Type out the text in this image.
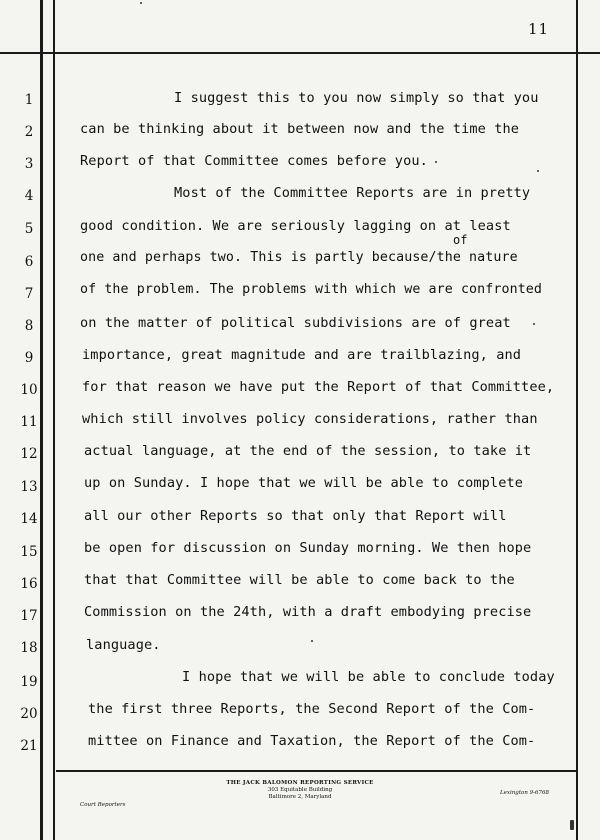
11
1
2
3
4
5
6
7
8
9
10
11
12
13
14
15
16
17
18
19
20
21
I suggest this to you now simply so that you
can be thinking about it between now and the time the
Report of that Committee comes before you.
Most of the Committee Reports are in pretty
good condition. We are seriously lagging on at least
of
one and perhaps two. This is partly because/the nature
of the problem. The problems with which we are confronted
on the matter of political subdivisions are of great
importance, great magnitude and are trailblazing, and
for that reason we have put the Report of that Committee,
which still involves policy considerations, rather than
actual language, at the end of the session, to take it
up on Sunday. I hope that we will be able to complete
all our other Reports so that only that Report will
be open for discussion on Sunday morning. We then hope
that that Committee will be able to come back to the
Commission on the 24th, with a draft embodying precise
language.
I hope that we will be able to conclude today
the first three Reports, the Second Report of the Com-
mittee on Finance and Taxation, the Report of the Com-
THE JACK BALOMON REPORTING SERVICE
303 Equitable Building
Baltimore 2, Maryland
Court Reporters
Lexington 9-6768
